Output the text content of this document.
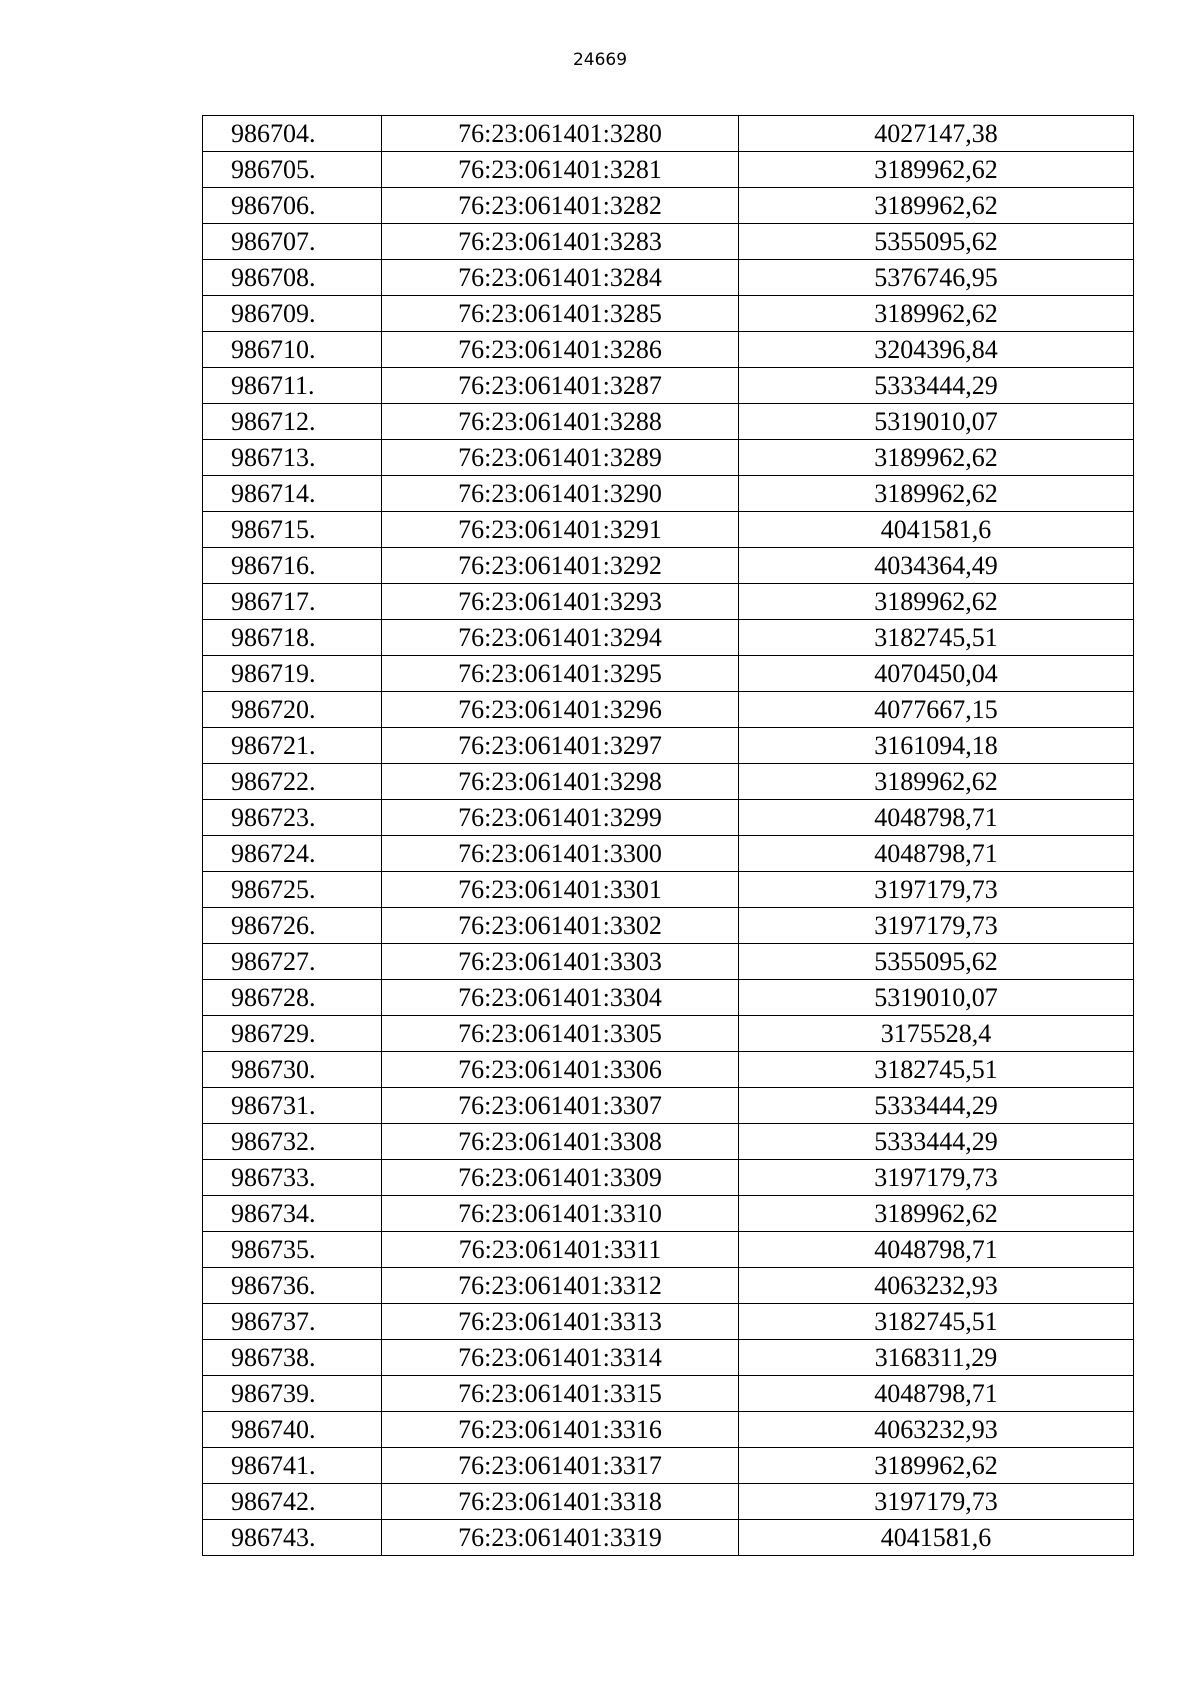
24669
986704.	76:23:061401:3280	4027147,38
986705.	76:23:061401:3281	3189962,62
986706.	76:23:061401:3282	3189962,62
986707.	76:23:061401:3283	5355095,62
986708.	76:23:061401:3284	5376746,95
986709.	76:23:061401:3285	3189962,62
986710.	76:23:061401:3286	3204396,84
986711.	76:23:061401:3287	5333444,29
986712.	76:23:061401:3288	5319010,07
986713.	76:23:061401:3289	3189962,62
986714.	76:23:061401:3290	3189962,62
986715.	76:23:061401:3291	4041581,6
986716.	76:23:061401:3292	4034364,49
986717.	76:23:061401:3293	3189962,62
986718.	76:23:061401:3294	3182745,51
986719.	76:23:061401:3295	4070450,04
986720.	76:23:061401:3296	4077667,15
986721.	76:23:061401:3297	3161094,18
986722.	76:23:061401:3298	3189962,62
986723.	76:23:061401:3299	4048798,71
986724.	76:23:061401:3300	4048798,71
986725.	76:23:061401:3301	3197179,73
986726.	76:23:061401:3302	3197179,73
986727.	76:23:061401:3303	5355095,62
986728.	76:23:061401:3304	5319010,07
986729.	76:23:061401:3305	3175528,4
986730.	76:23:061401:3306	3182745,51
986731.	76:23:061401:3307	5333444,29
986732.	76:23:061401:3308	5333444,29
986733.	76:23:061401:3309	3197179,73
986734.	76:23:061401:3310	3189962,62
986735.	76:23:061401:3311	4048798,71
986736.	76:23:061401:3312	4063232,93
986737.	76:23:061401:3313	3182745,51
986738.	76:23:061401:3314	3168311,29
986739.	76:23:061401:3315	4048798,71
986740.	76:23:061401:3316	4063232,93
986741.	76:23:061401:3317	3189962,62
986742.	76:23:061401:3318	3197179,73
986743.	76:23:061401:3319	4041581,6
